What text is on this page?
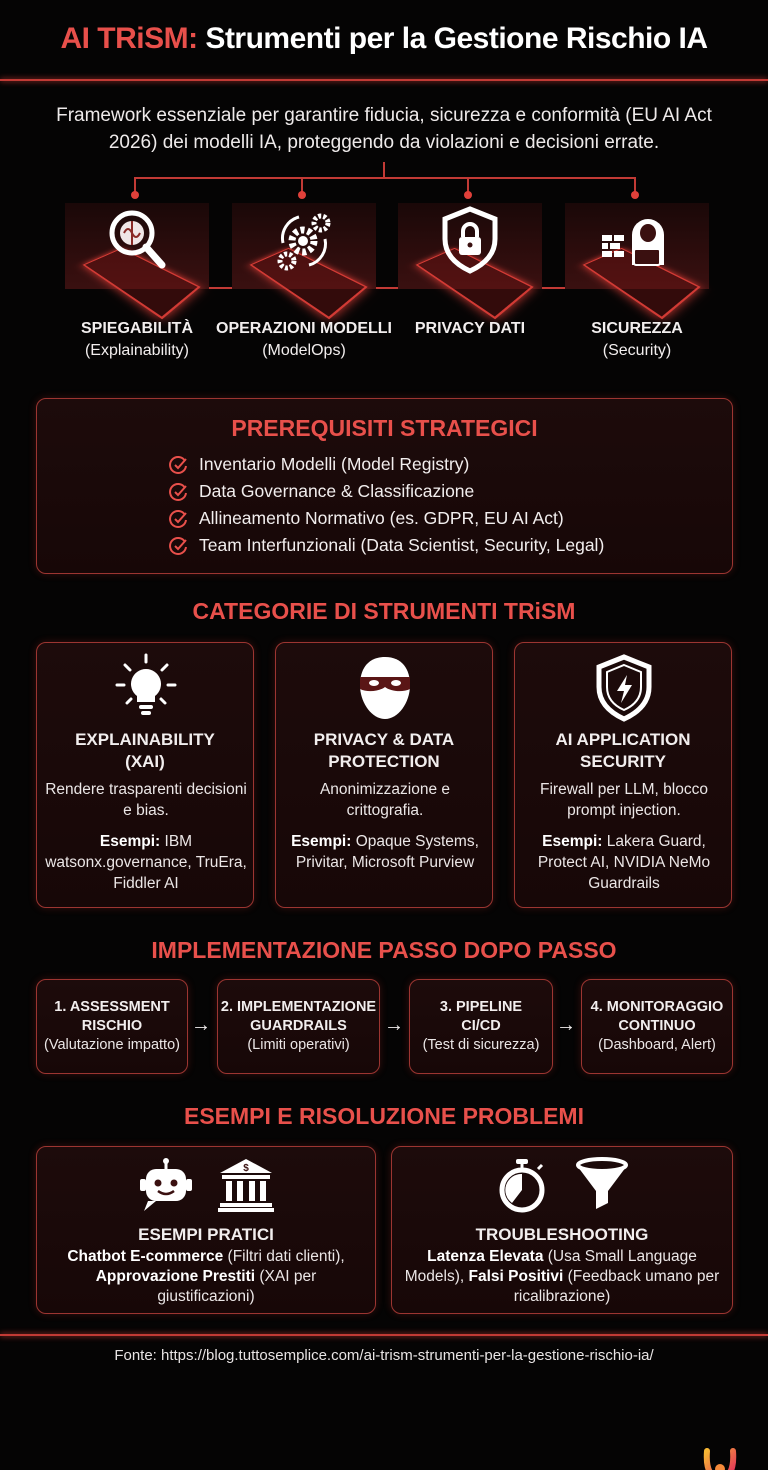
AI TRiSM: Strumenti per la Gestione Rischio IA
Framework essenziale per garantire fiducia, sicurezza e conformità (EU AI Act 2026) dei modelli IA, proteggendo da violazioni e decisioni errate.
SPIEGABILITÀ
(Explainability)
OPERAZIONI MODELLI
(ModelOps)
PRIVACY DATI	SICUREZZA
(Security)
PREREQUISITI STRATEGICI
Inventario Modelli (Model Registry)
Data Governance & Classificazione
Allineamento Normativo (es. GDPR, EU AI Act)
Team Interfunzionali (Data Scientist, Security, Legal)
CATEGORIE DI STRUMENTI TRiSM
EXPLAINABILITY (XAI)
Rendere trasparenti decisioni e bias.
Esempi: IBM watsonx.governance, TruEra, Fiddler AI
PRIVACY & DATA PROTECTION
Anonimizzazione e crittografia.
Esempi: Opaque Systems, Privitar, Microsoft Purview
AI APPLICATION SECURITY
Firewall per LLM, blocco prompt injection.
Esempi: Lakera Guard, Protect AI, NVIDIA NeMo Guardrails
IMPLEMENTAZIONE PASSO DOPO PASSO
1. ASSESSMENT RISCHIO
(Valutazione impatto)
→
2. IMPLEMENTAZIONE GUARDRAILS
(Limiti operativi)
→
3. PIPELINE CI/CD
(Test di sicurezza)
→
4. MONITORAGGIO CONTINUO
(Dashboard, Alert)
ESEMPI E RISOLUZIONE PROBLEMI
$
ESEMPI PRATICI
Chatbot E-commerce (Filtri dati clienti), Approvazione Prestiti (XAI per giustificazioni)
TROUBLESHOOTING
Latenza Elevata (Usa Small Language Models), Falsi Positivi (Feedback umano per ricalibrazione)
Fonte: https://blog.tuttosemplice.com/ai-trism-strumenti-per-la-gestione-rischio-ia/
